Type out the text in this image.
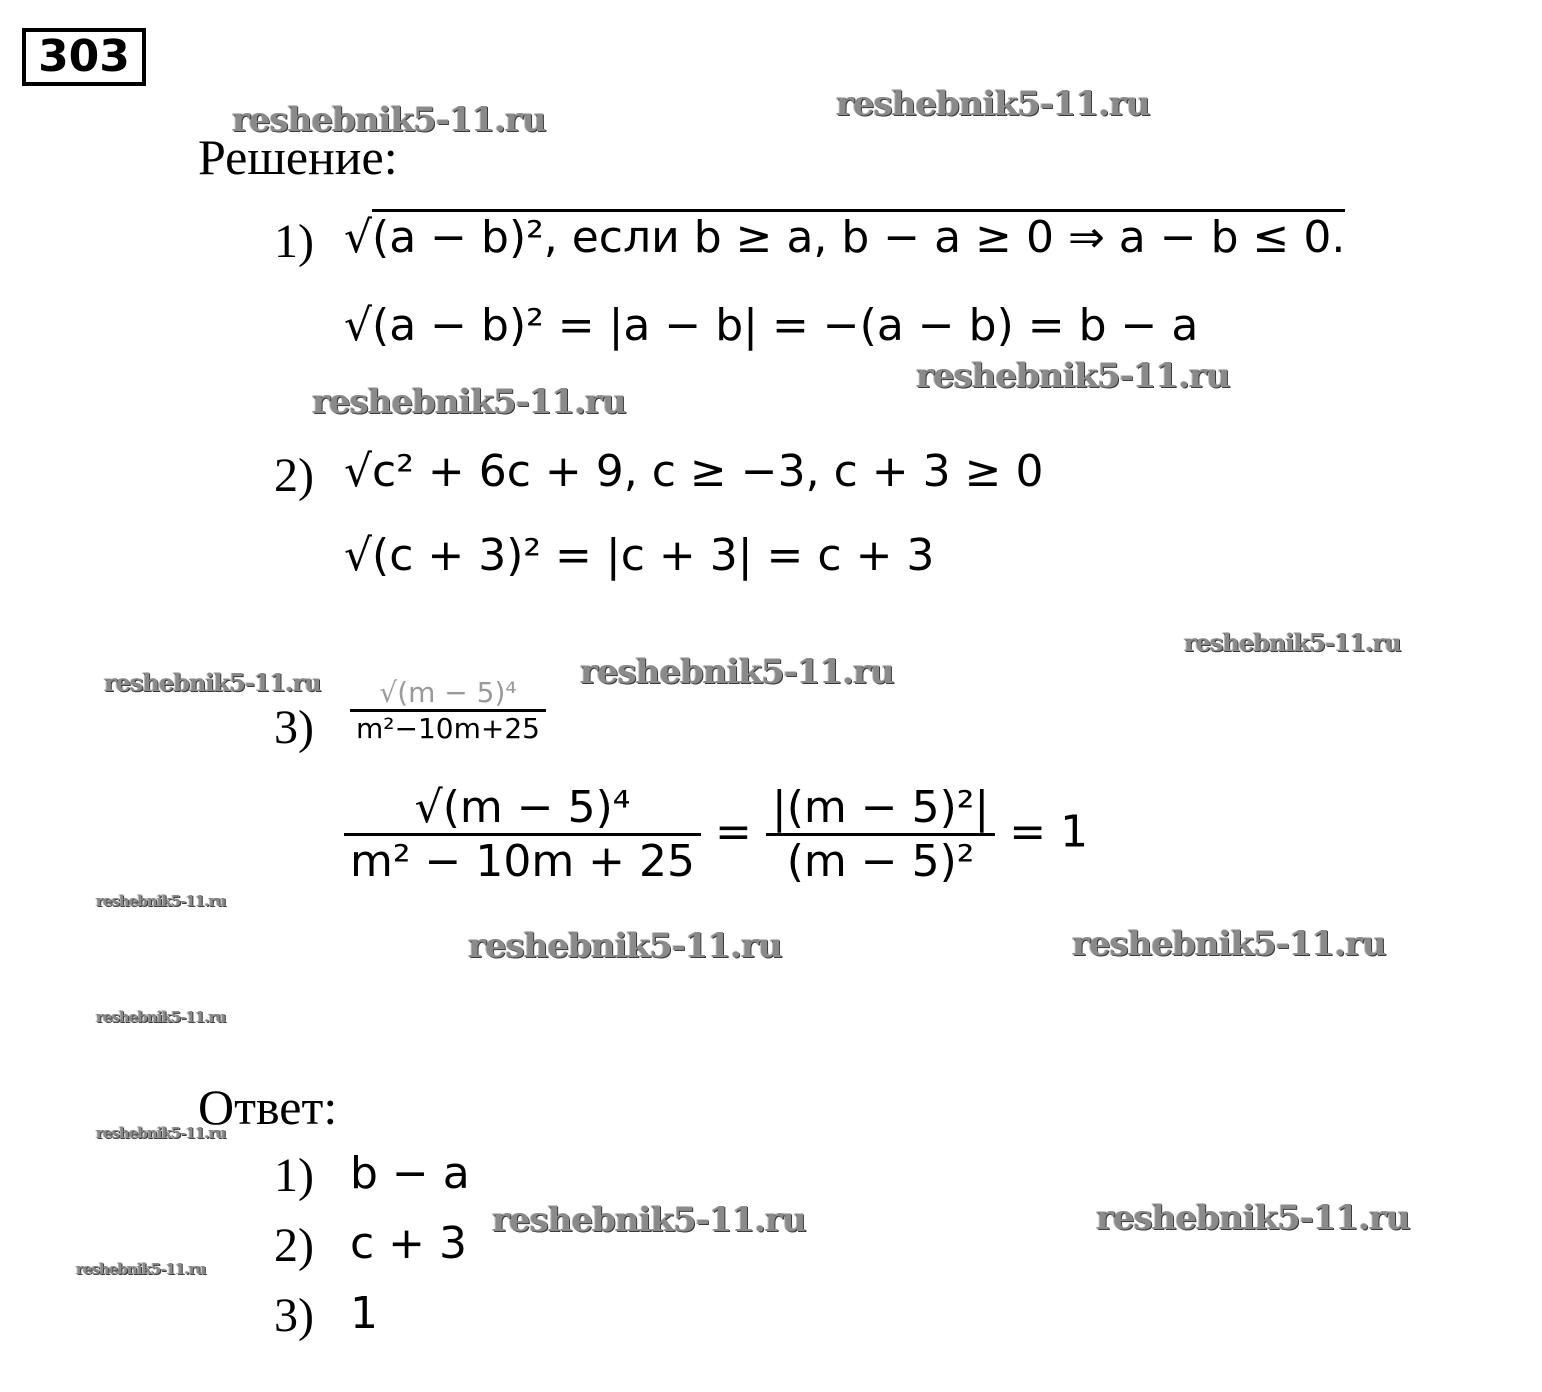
303
reshebnik5-11.ru	reshebnik5-11.ru
reshebnik5-11.ru
reshebnik5-11.ru
reshebnik5-11.ru
reshebnik5-11.ru
reshebnik5-11.ru
reshebnik5-11.ru
reshebnik5-11.ru	reshebnik5-11.ru
reshebnik5-11.ru
reshebnik5-11.ru
reshebnik5-11.ru	reshebnik5-11.ru
reshebnik5-11.ru
Решение:
1) √(a − b)², если b ≥ a, b − a ≥ 0 ⇒ a − b ≤ 0.
√(a − b)² = |a − b| = −(a − b) = b − a
2) √c² + 6c + 9, c ≥ −3, c + 3 ≥ 0
√(c + 3)² = |c + 3| = c + 3
$3) \frac{\text{√(m − 5)⁴}}{\text{m²−10m+25}}$
$\frac{\text{√(m − 5)⁴}}{\text{m² − 10m + 25}} = \frac{\text{|(m − 5)²|}}{\text{(m − 5)²}} = 1$
Ответ:
1) b − a
2) c + 3
3) 1
